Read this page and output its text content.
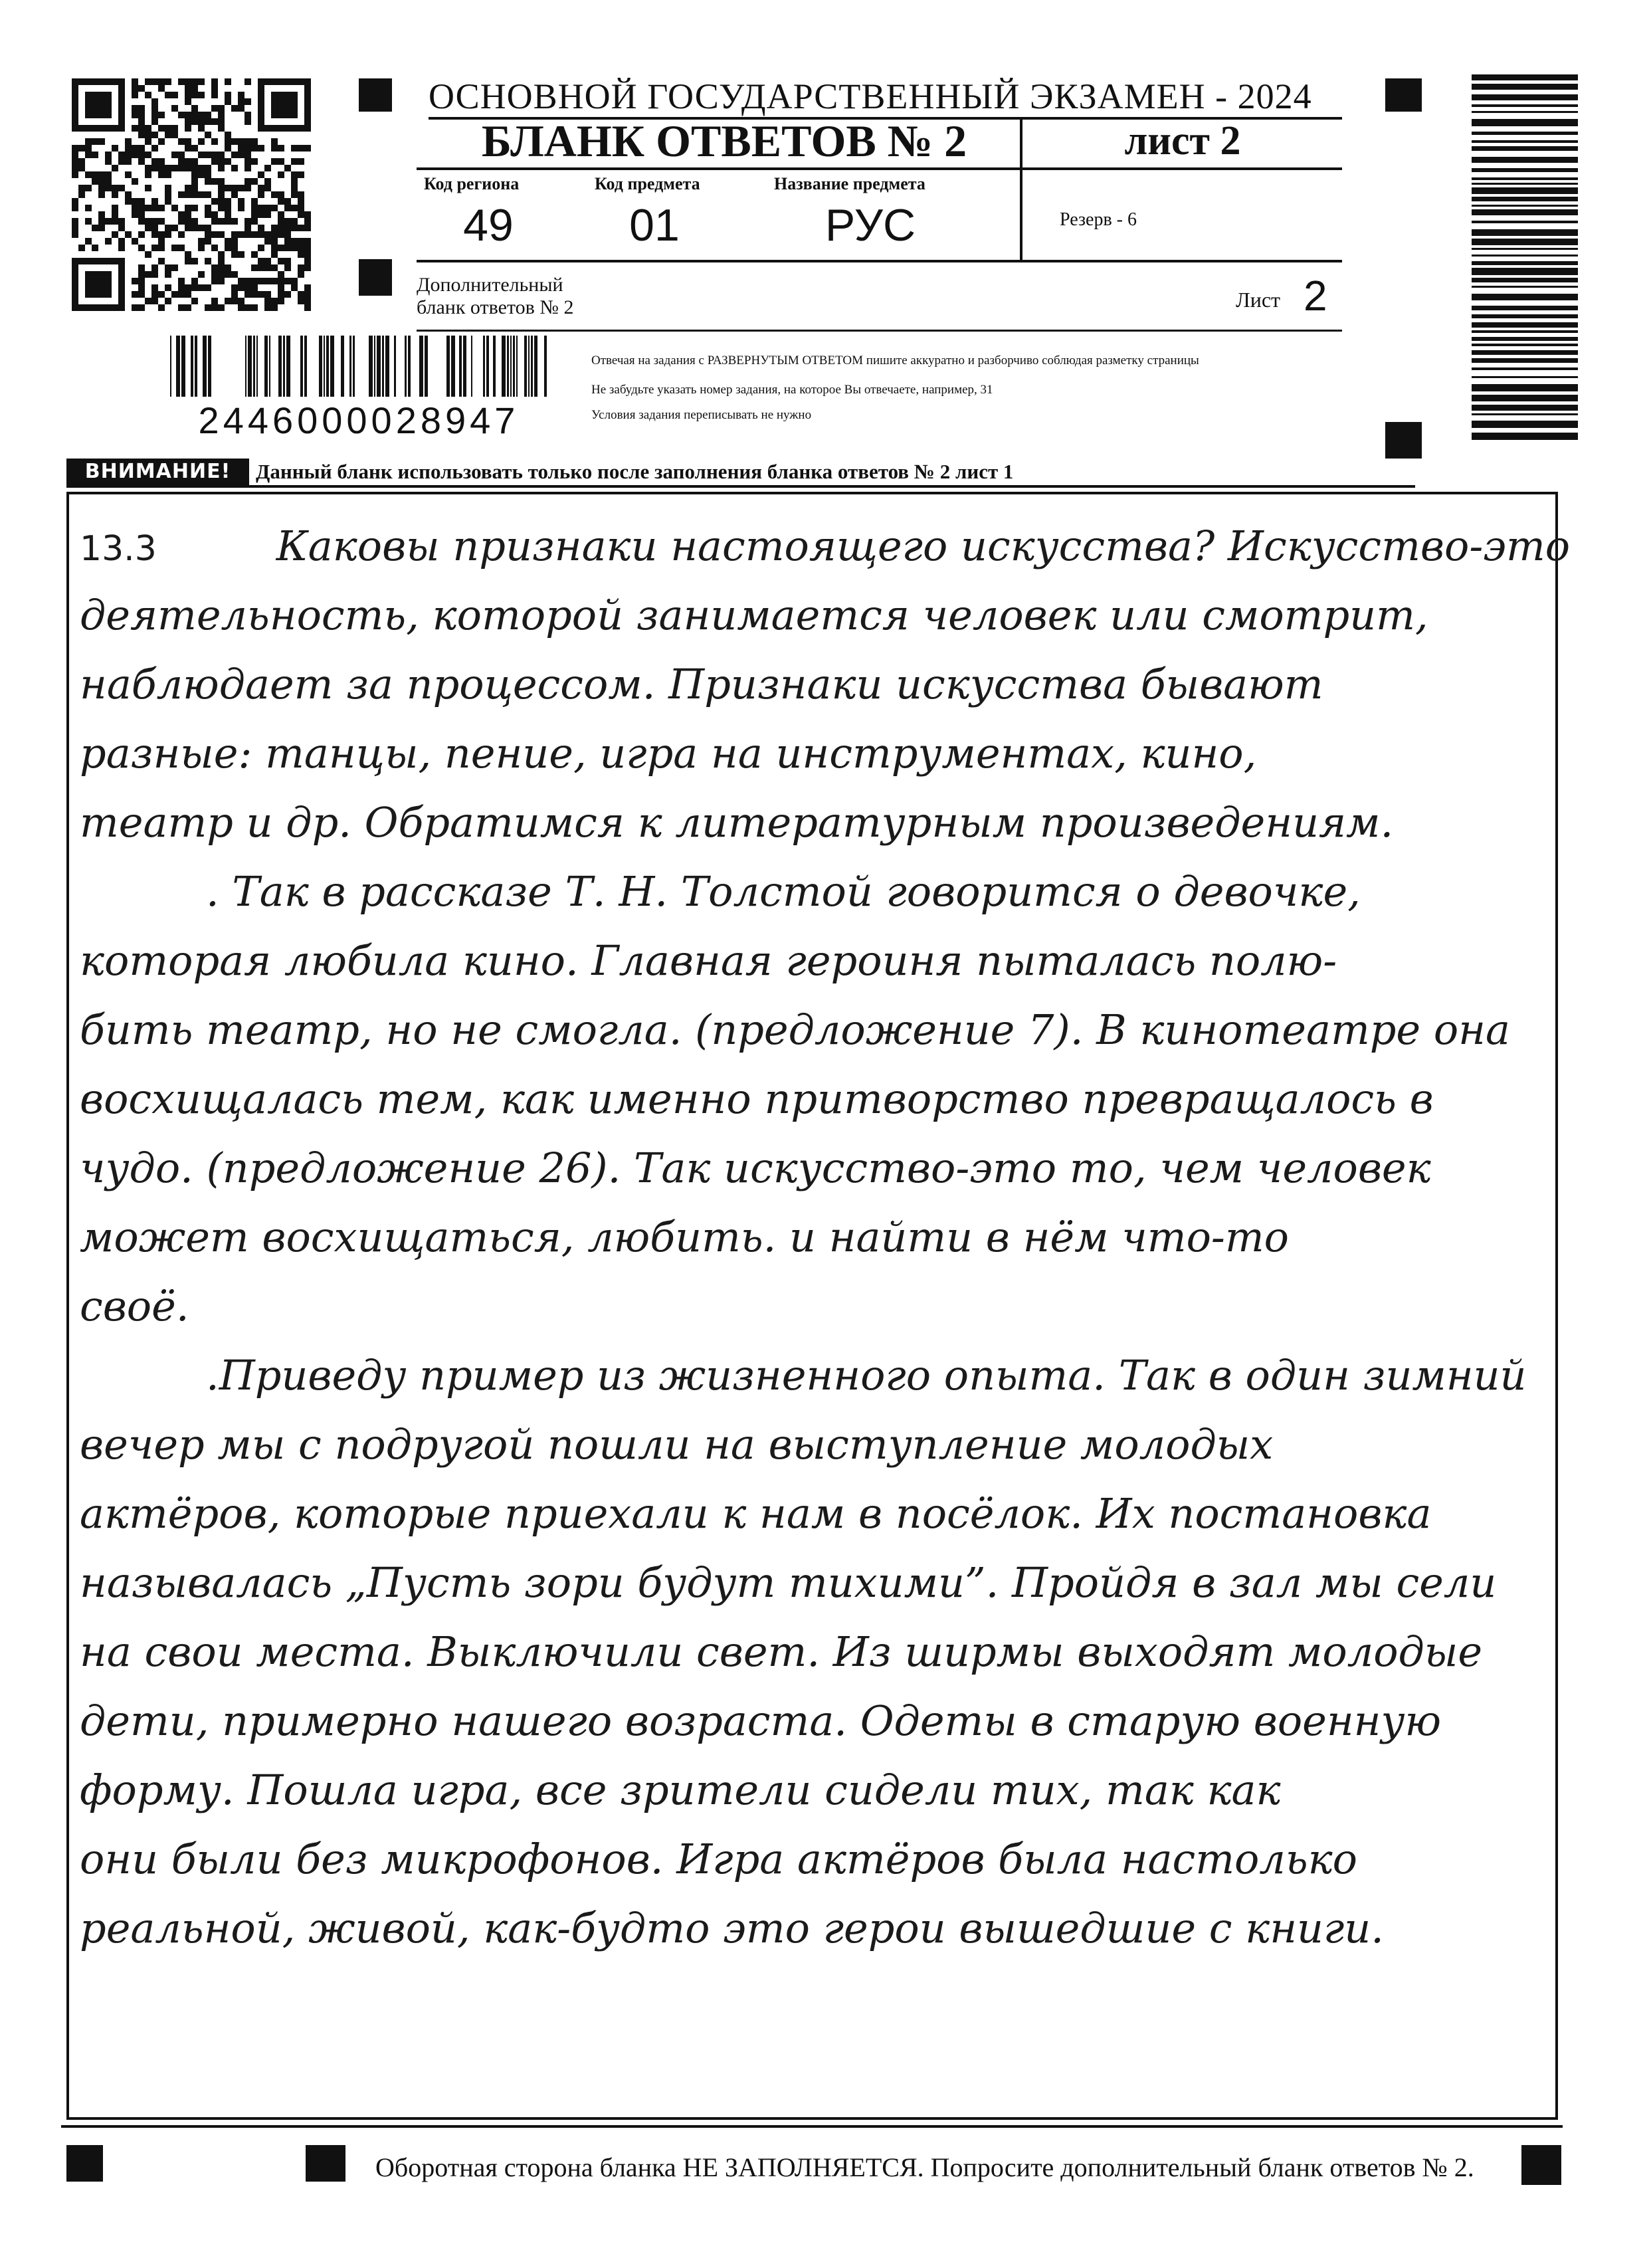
ОСНОВНОЙ ГОСУДАРСТВЕННЫЙ ЭКЗАМЕН - 2024
БЛАНК ОТВЕТОВ № 2	лист 2
Код региона	Код предмета	Название предмета
49	01	РУС	Резерв - 6
Дополнительный
бланк ответов № 2	Лист 2
2446000028947
Отвечая на задания с РАЗВЕРНУТЫМ ОТВЕТОМ пишите аккуратно и разборчиво соблюдая разметку страницы
Не забудьте указать номер задания, на которое Вы отвечаете, например, 31
Условия задания переписывать не нужно
ВНИМАНИЕ!	Данный бланк использовать только после заполнения бланка ответов № 2 лист 1
13.3	Каковы признаки настоящего искусства? Искусство-это
деятельность, которой занимается человек или смотрит,
наблюдает за процессом. Признаки искусства бывают
разные: танцы, пение, игра на инструментах, кино,
театр и др. Обратимся к литературным произведениям.
. Так в рассказе Т. Н. Толстой говорится о девочке,
которая любила кино. Главная героиня пыталась полю-
бить театр, но не смогла. (предложение 7). В кинотеатре она
восхищалась тем, как именно притворство превращалось в
чудо. (предложение 26). Так искусство-это то, чем человек
может восхищаться, любить. и найти в нём что-то
своё.
.Приведу пример из жизненного опыта. Так в один зимний
вечер мы с подругой пошли на выступление молодых
актёров, которые приехали к нам в посёлок. Их постановка
называлась „Пусть зори будут тихими”. Пройдя в зал мы сели
на свои места. Выключили свет. Из ширмы выходят молодые
дети, примерно нашего возраста. Одеты в старую военную
форму. Пошла игра, все зрители сидели тих, так как
они были без микрофонов. Игра актёров была настолько
реальной, живой, как-будто это герои вышедшие с книги.
Оборотная сторона бланка НЕ ЗАПОЛНЯЕТСЯ. Попросите дополнительный бланк ответов № 2.
